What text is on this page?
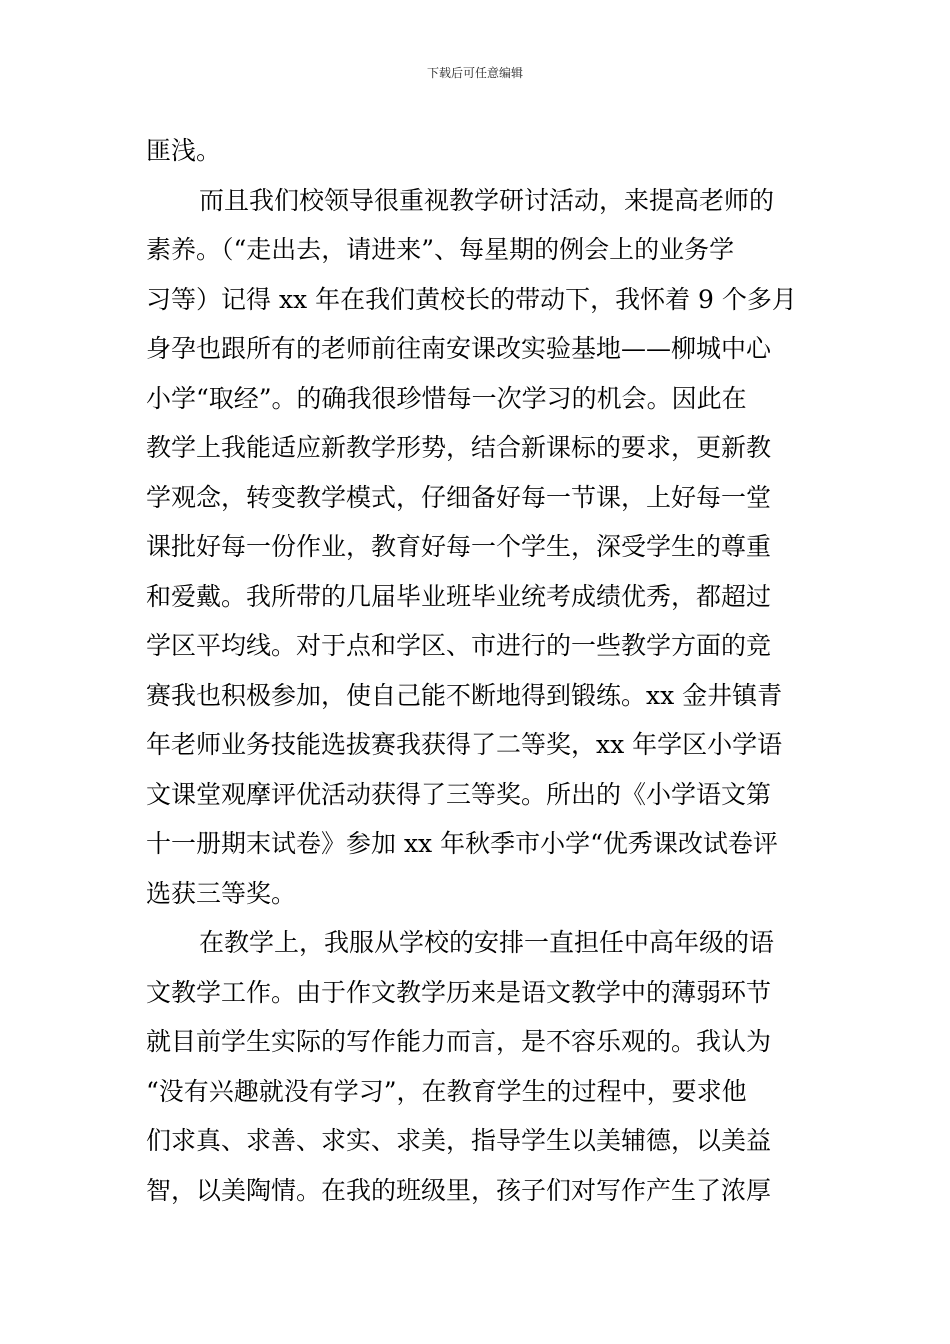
下载后可任意编辑
匪浅。
而且我们校领导很重视教学研讨活动，来提高老师的
素养。（“走出去，请进来”、每星期的例会上的业务学
习等）记得 xx 年在我们黄校长的带动下，我怀着 9 个多月
身孕也跟所有的老师前往南安课改实验基地——柳城中心
小学“取经”。的确我很珍惜每一次学习的机会。因此在
教学上我能适应新教学形势，结合新课标的要求，更新教
学观念，转变教学模式，仔细备好每一节课，上好每一堂
课批好每一份作业，教育好每一个学生，深受学生的尊重
和爱戴。我所带的几届毕业班毕业统考成绩优秀，都超过
学区平均线。对于点和学区、市进行的一些教学方面的竞
赛我也积极参加，使自己能不断地得到锻练。xx 金井镇青
年老师业务技能选拔赛我获得了二等奖，xx 年学区小学语
文课堂观摩评优活动获得了三等奖。所出的《小学语文第
十一册期末试卷》参加 xx 年秋季市小学“优秀课改试卷评
选获三等奖。
在教学上，我服从学校的安排一直担任中高年级的语
文教学工作。由于作文教学历来是语文教学中的薄弱环节
就目前学生实际的写作能力而言，是不容乐观的。我认为
“没有兴趣就没有学习”，在教育学生的过程中，要求他
们求真、求善、求实、求美，指导学生以美辅德，以美益
智，以美陶情。在我的班级里，孩子们对写作产生了浓厚
